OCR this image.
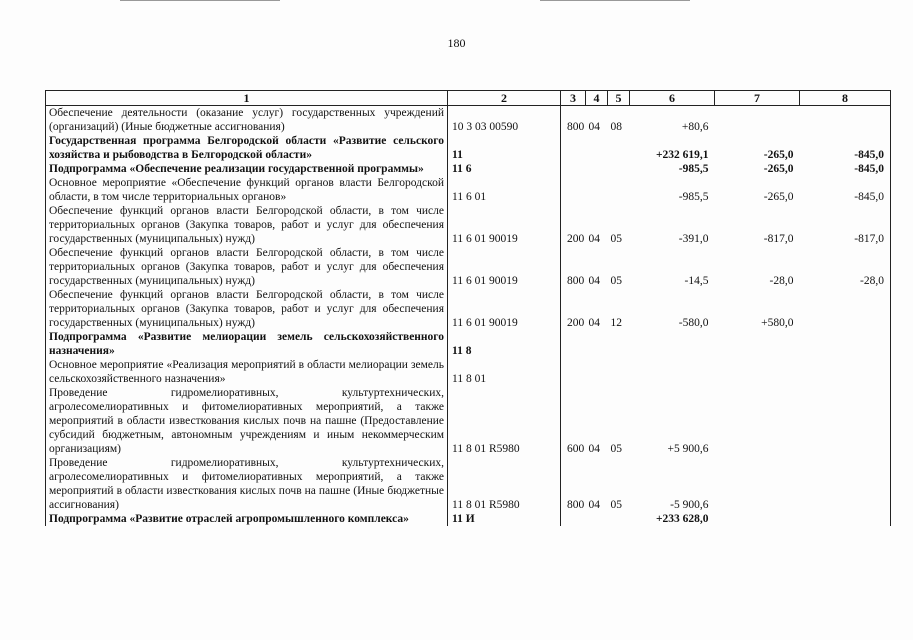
180
1	2	3	4	5	6	7	8
Обеспечение деятельности (оказание услуг) государственных учреждений (организаций) (Иные бюджетные ассигнования)	10 3 03 00590	800	04	08	+80,6		
Государственная программа Белгородской области «Развитие сельского хозяйства и рыбоводства в Белгородской области»	11				+232 619,1	-265,0	-845,0
Подпрограмма «Обеспечение реализации государственной программы»	11 6				-985,5	-265,0	-845,0
Основное мероприятие «Обеспечение функций органов власти Белгородской области, в том числе территориальных органов»	11 6 01				-985,5	-265,0	-845,0
Обеспечение функций органов власти Белгородской области, в том числе территориальных органов (Закупка товаров, работ и услуг для обеспечения государственных (муниципальных) нужд)	11 6 01 90019	200	04	05	-391,0	-817,0	-817,0
Обеспечение функций органов власти Белгородской области, в том числе территориальных органов (Закупка товаров, работ и услуг для обеспечения государственных (муниципальных) нужд)	11 6 01 90019	800	04	05	-14,5	-28,0	-28,0
Обеспечение функций органов власти Белгородской области, в том числе территориальных органов (Закупка товаров, работ и услуг для обеспечения государственных (муниципальных) нужд)	11 6 01 90019	200	04	12	-580,0	+580,0	
Подпрограмма «Развитие мелиорации земель сельскохозяйственного назначения»	11 8						
Основное мероприятие «Реализация мероприятий в области мелиорации земель сельскохозяйственного назначения»	11 8 01						
Проведение гидромелиоративных, культуртехнических, агролесомелиоративных и фитомелиоративных мероприятий, а также мероприятий в области известкования кислых почв на пашне (Предоставление субсидий бюджетным, автономным учреждениям и иным некоммерческим организациям)	11 8 01 R5980	600	04	05	+5 900,6		
Проведение гидромелиоративных, культуртехнических, агролесомелиоративных и фитомелиоративных мероприятий, а также мероприятий в области известкования кислых почв на пашне (Иные бюджетные ассигнования)	11 8 01 R5980	800	04	05	-5 900,6		
Подпрограмма «Развитие отраслей агропромышленного комплекса»	11 И				+233 628,0		
